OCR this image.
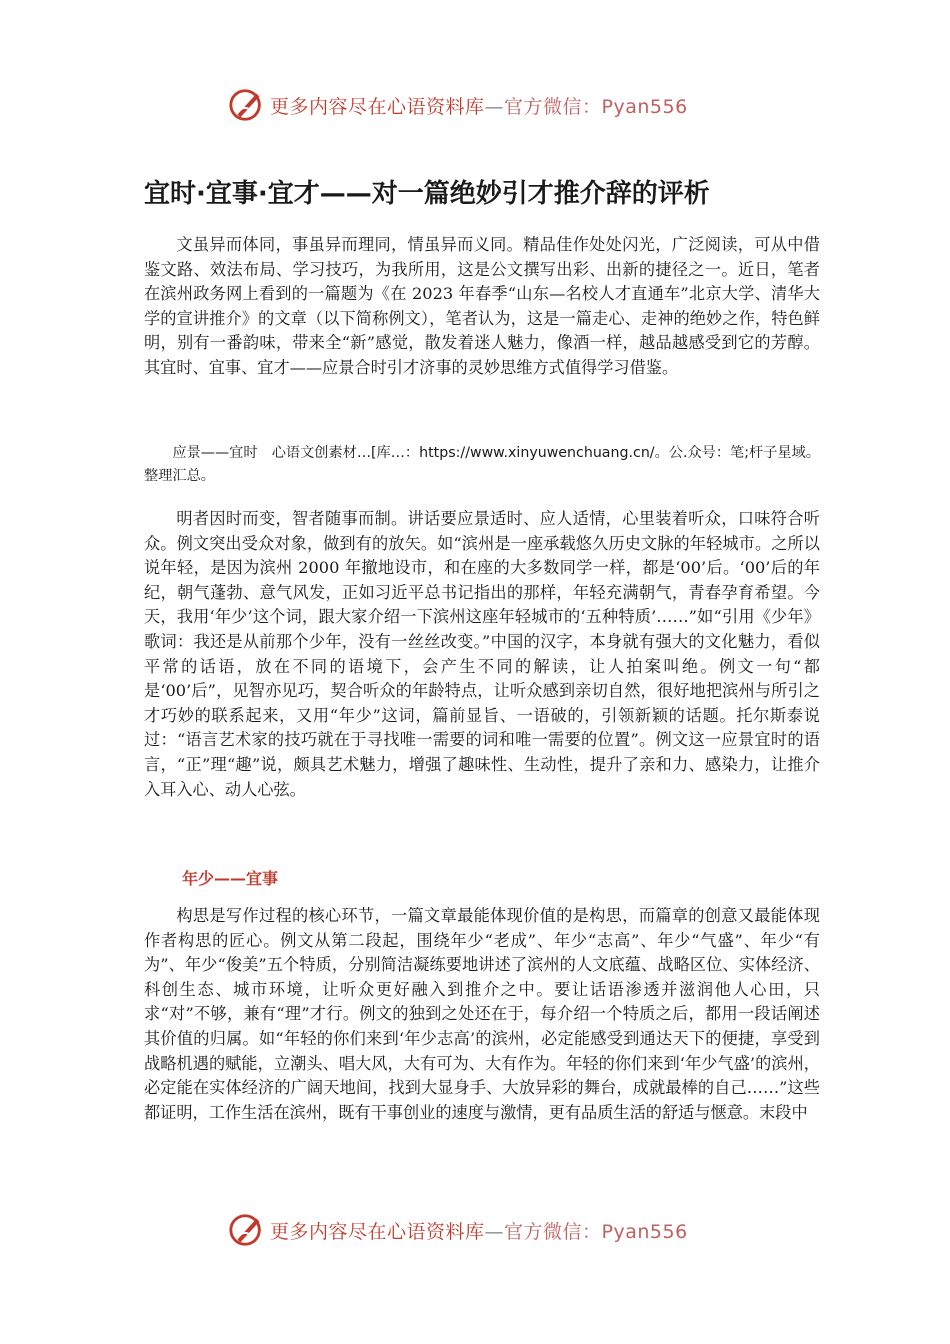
更多内容尽在心语资料库—官方微信：Pyan556
宜时·宜事·宜才——对一篇绝妙引才推介辞的评析

文虽异而体同，事虽异而理同，情虽异而义同。精品佳作处处闪光，广泛阅读，可从中借鉴文路、效法布局、学习技巧，为我所用，这是公文撰写出彩、出新的捷径之一。近日，笔者在滨州政务网上看到的一篇题为《在 2023 年春季“山东—名校人才直通车”北京大学、清华大学的宣讲推介》的文章（以下简称例文），笔者认为，这是一篇走心、走神的绝妙之作，特色鲜明，别有一番韵味，带来全“新”感觉，散发着迷人魅力，像酒一样，越品越感受到它的芳醇。其宜时、宜事、宜才——应景合时引才济事的灵妙思维方式值得学习借鉴。

应景——宜时　心语文创素材…[库…：https://www.xinyuwenchuang.cn/。公.众号：笔;杆子星域。整理汇总。

明者因时而变，智者随事而制。讲话要应景适时、应人适情，心里装着听众，口味符合听众。例文突出受众对象，做到有的放矢。如“滨州是一座承载悠久历史文脉的年轻城市。之所以说年轻，是因为滨州 2000 年撤地设市，和在座的大多数同学一样，都是‘00’后。‘00’后的年纪，朝气蓬勃、意气风发，正如习近平总书记指出的那样，年轻充满朝气，青春孕育希望。今天，我用‘年少’这个词，跟大家介绍一下滨州这座年轻城市的‘五种特质’……”如“引用《少年》歌词：我还是从前那个少年，没有一丝丝改变。”中国的汉字，本身就有强大的文化魅力，看似平常的话语，放在不同的语境下，会产生不同的解读，让人拍案叫绝。例文一句“都是‘00’后”，见智亦见巧，契合听众的年龄特点，让听众感到亲切自然，很好地把滨州与所引之才巧妙的联系起来，又用“年少”这词，篇前显旨、一语破的，引领新颖的话题。托尔斯泰说过：“语言艺术家的技巧就在于寻找唯一需要的词和唯一需要的位置”。例文这一应景宜时的语言，“正”理“趣”说，颇具艺术魅力，增强了趣味性、生动性，提升了亲和力、感染力，让推介入耳入心、动人心弦。

年少——宜事

构思是写作过程的核心环节，一篇文章最能体现价值的是构思，而篇章的创意又最能体现作者构思的匠心。例文从第二段起，围绕年少“老成”、年少“志高”、年少“气盛”、年少“有为”、年少“俊美”五个特质，分别简洁凝练要地讲述了滨州的人文底蕴、战略区位、实体经济、科创生态、城市环境，让听众更好融入到推介之中。要让话语渗透并滋润他人心田，只求“对”不够，兼有“理”才行。例文的独到之处还在于，每介绍一个特质之后，都用一段话阐述其价值的归属。如“年轻的你们来到‘年少志高’的滨州，必定能感受到通达天下的便捷，享受到战略机遇的赋能，立潮头、唱大风，大有可为、大有作为。年轻的你们来到‘年少气盛’的滨州，必定能在实体经济的广阔天地间，找到大显身手、大放异彩的舞台，成就最棒的自己……”这些都证明，工作生活在滨州，既有干事创业的速度与激情，更有品质生活的舒适与惬意。末段中

更多内容尽在心语资料库—官方微信：Pyan556
